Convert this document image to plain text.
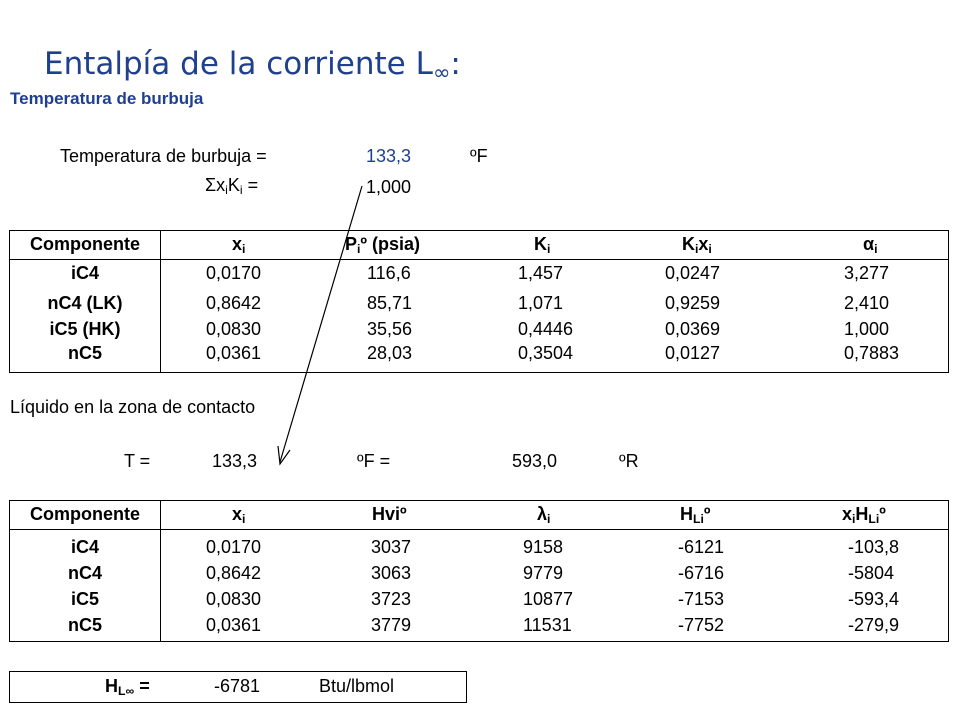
Entalpía de la corriente $L_\infty$:
Temperatura de burbuja
Temperatura de burbuja =	133,3	ºF
$\Sigma x_iK_i$ =	1,000
Componente	$x_i$	$P_iº$ (psia)	$K_i$	$K_ix_i$	$\alpha_i$
iC4	0,0170	116,6	1,457	0,0247	3,277
nC4 (LK)	0,8642	85,71	1,071	0,9259	2,410
iC5 (HK)	0,0830	35,56	0,4446	0,0369	1,000
nC5	0,0361	28,03	0,3504	0,0127	0,7883
Líquido en la zona de contacto
T =	133,3	ºF =	593,0	ºR
Componente	$x_i$	Hviº	$\lambda_i$	$H_{Li}º$	$x_iH_{Li}º$
iC4	0,0170	3037	9158	-6121	-103,8
nC4	0,8642	3063	9779	-6716	-5804
iC5	0,0830	3723	10877	-7153	-593,4
nC5	0,0361	3779	11531	-7752	-279,9
$H_{L\infty}$ =	-6781	Btu/lbmol
